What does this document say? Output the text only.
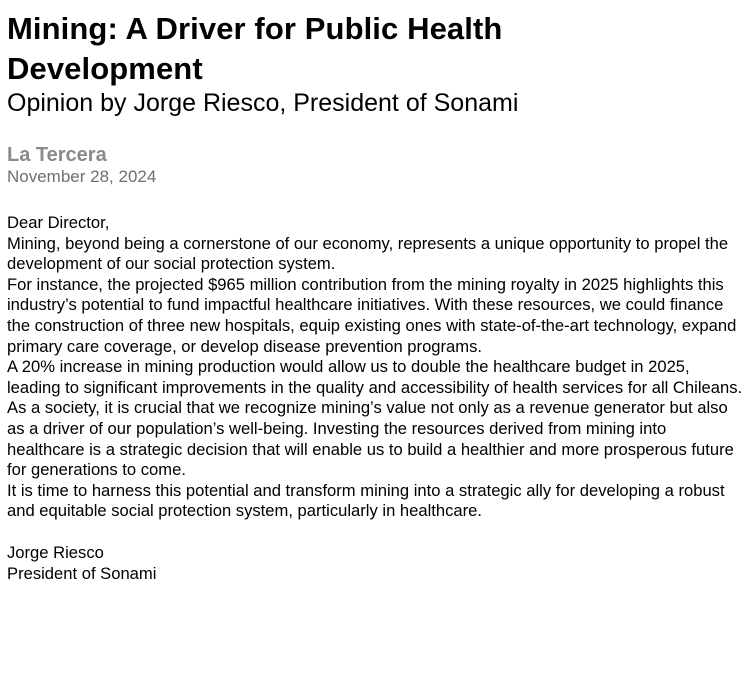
Mining: A Driver for Public Health
Development
Opinion by Jorge Riesco, President of Sonami
La Tercera
November 28, 2024

Dear Director,

Mining, beyond being a cornerstone of our economy, represents a unique opportunity to propel the development of our social protection system.

For instance, the projected $965 million contribution from the mining royalty in 2025 highlights this industry’s potential to fund impactful healthcare initiatives. With these resources, we could finance the construction of three new hospitals, equip existing ones with state-of-the-art technology, expand primary care coverage, or develop disease prevention programs.

A 20% increase in mining production would allow us to double the healthcare budget in 2025, leading to significant improvements in the quality and accessibility of health services for all Chileans.

As a society, it is crucial that we recognize mining’s value not only as a revenue generator but also as a driver of our population’s well-being. Investing the resources derived from mining into healthcare is a strategic decision that will enable us to build a healthier and more prosperous future for generations to come.

It is time to harness this potential and transform mining into a strategic ally for developing a robust and equitable social protection system, particularly in healthcare.

Jorge Riesco
President of Sonami
